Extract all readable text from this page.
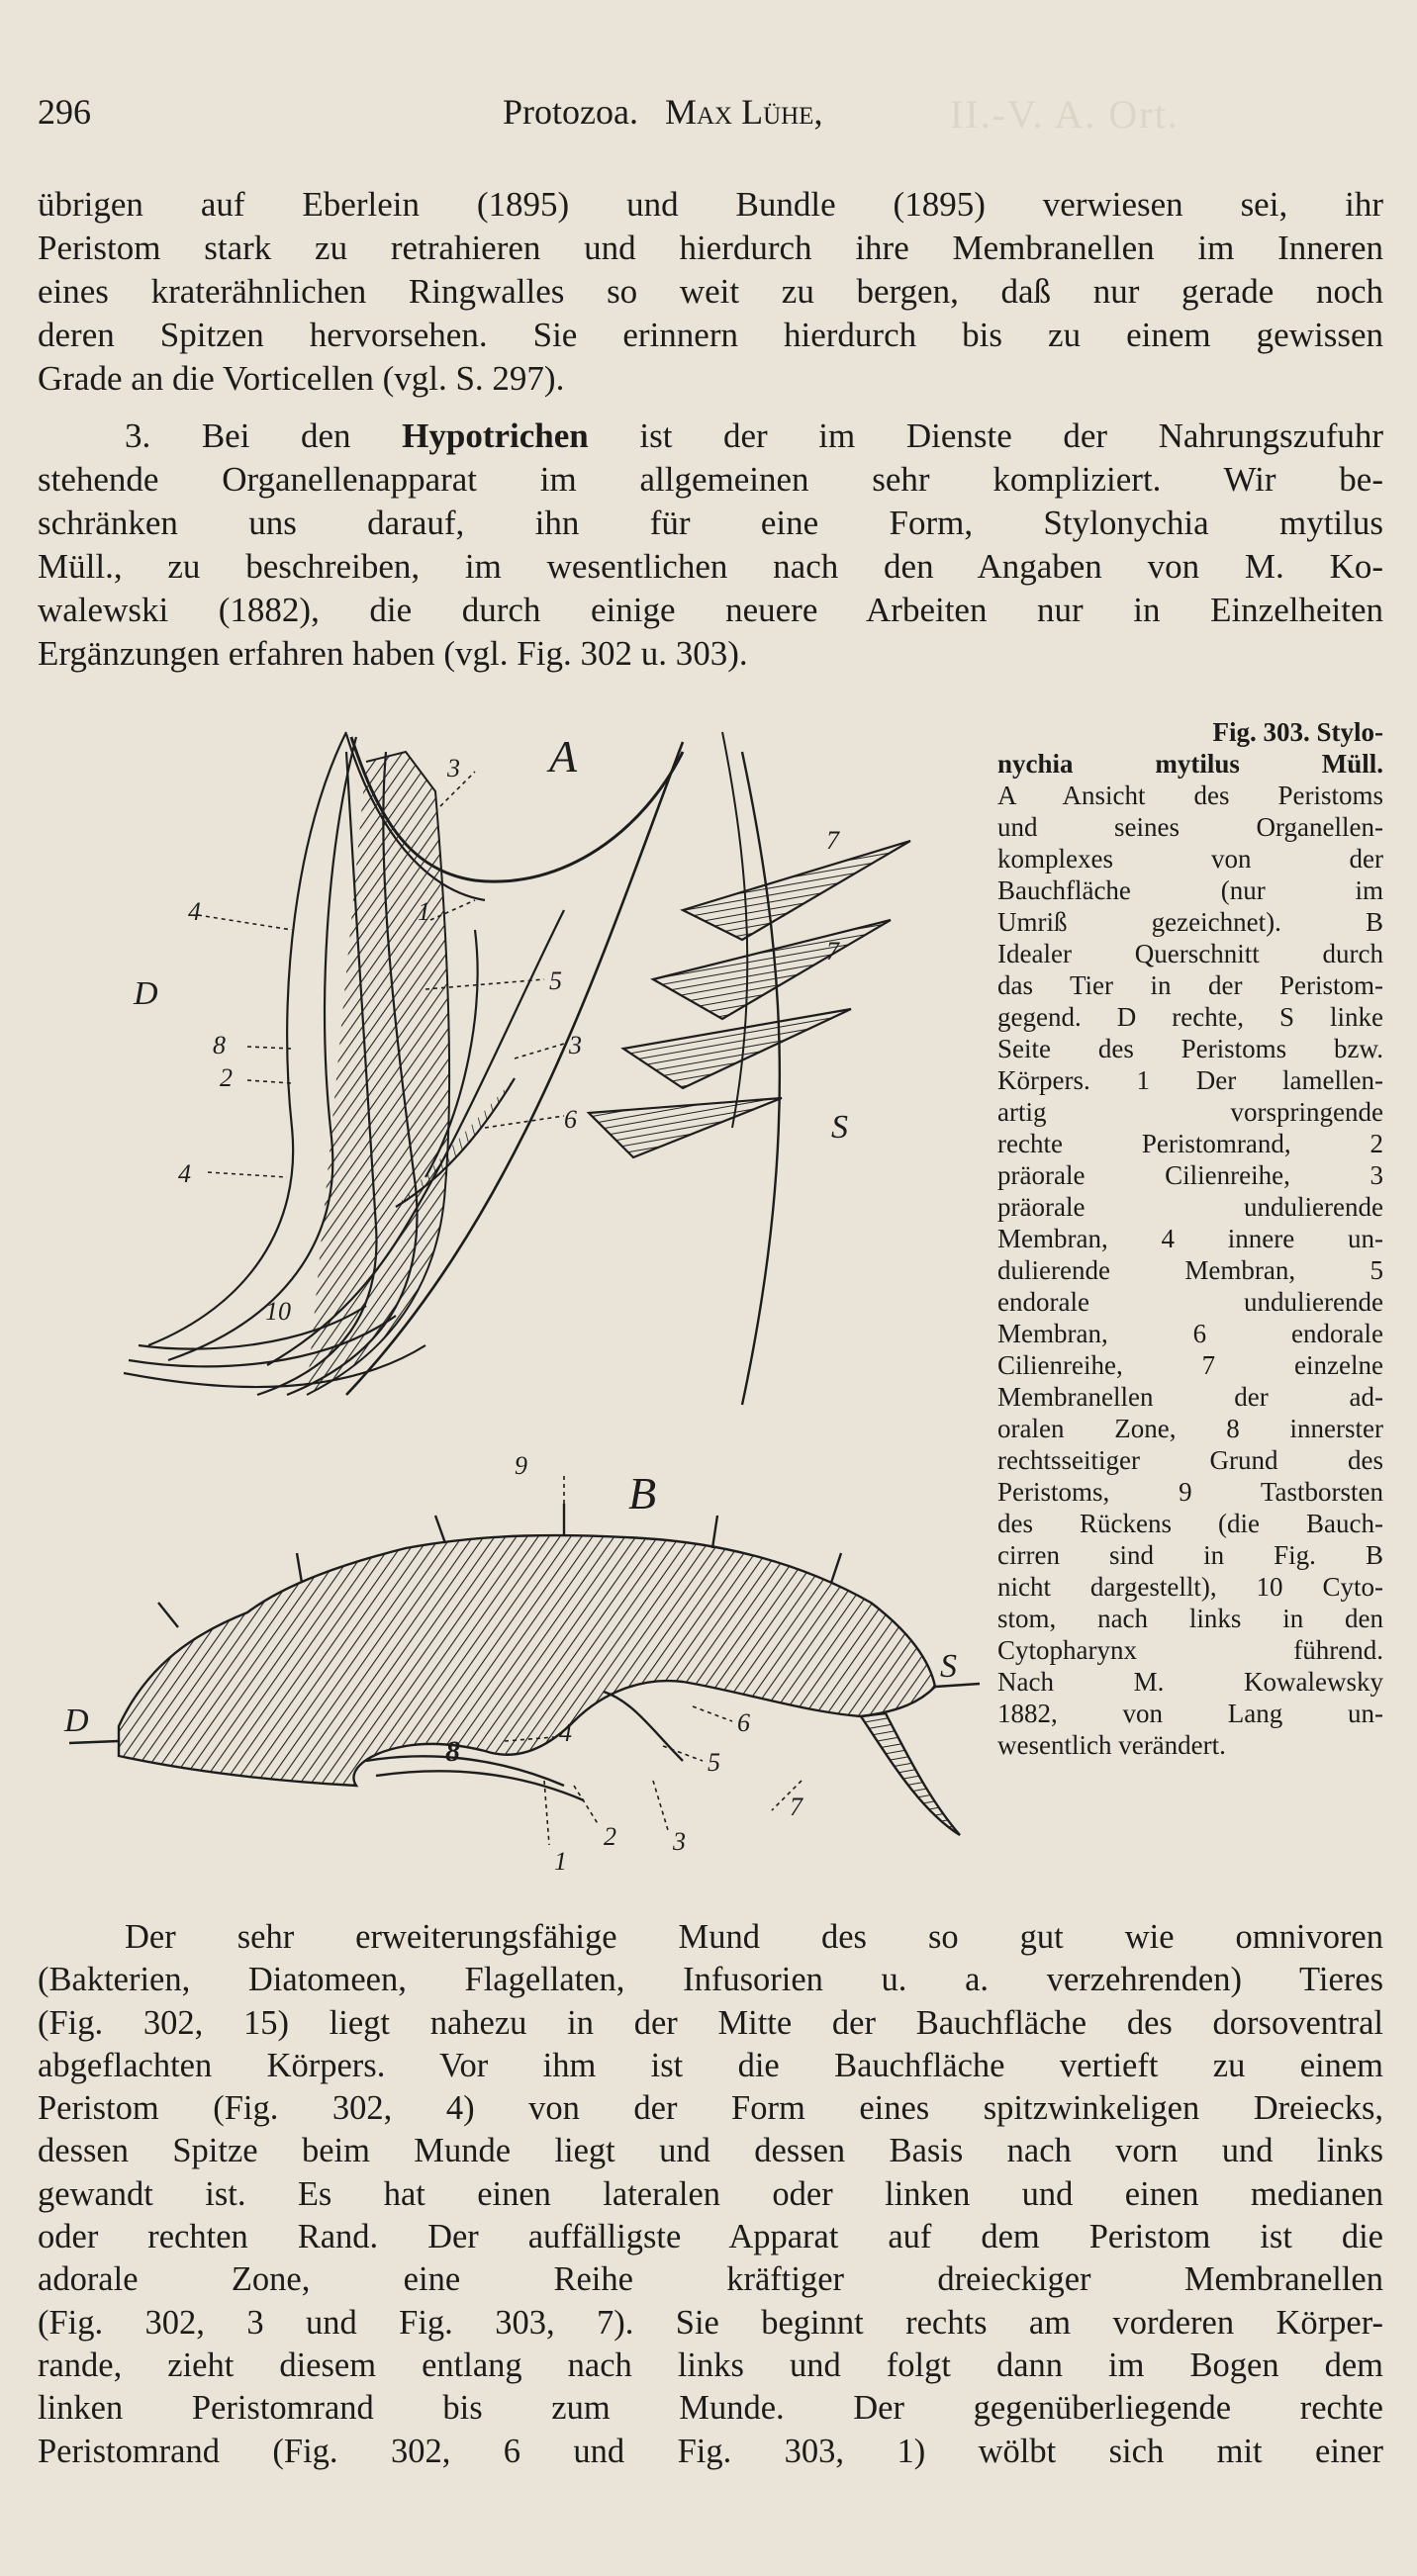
II.-V. A. Ort.
296	Protozoa. Max Lühe,
übrigen auf Eberlein (1895) und Bundle (1895) verwiesen sei, ihr
Peristom stark zu retrahieren und hierdurch ihre Membranellen im Inneren
eines kraterähnlichen Ringwalles so weit zu bergen, daß nur gerade noch
deren Spitzen hervorsehen. Sie erinnern hierdurch bis zu einem gewissen
Grade an die Vorticellen (vgl. S. 297).
3. Bei den Hypotrichen ist der im Dienste der Nahrungszufuhr
stehende Organellenapparat im allgemeinen sehr kompliziert. Wir be-
schränken uns darauf, ihn für eine Form, Stylonychia mytilus
Müll., zu beschreiben, im wesentlichen nach den Angaben von M. Ko-
walewski (1882), die durch einige neuere Arbeiten nur in Einzelheiten
Ergänzungen erfahren haben (vgl. Fig. 302 u. 303).
A
D
S
3
1
4
5
3
8
2
6
4
7
7
10
B
D
S
9
4	6
8	5
7
1
2 3
Fig. 303. Stylo-
nychia mytilus Müll.
A Ansicht des Peristoms
und seines Organellen-
komplexes von der
Bauchfläche (nur im
Umriß gezeichnet). B
Idealer Querschnitt durch
das Tier in der Peristom-
gegend. D rechte, S linke
Seite des Peristoms bzw.
Körpers. 1 Der lamellen-
artig vorspringende
rechte Peristomrand, 2
präorale Cilienreihe, 3
präorale undulierende
Membran, 4 innere un-
dulierende Membran, 5
endorale undulierende
Membran, 6 endorale
Cilienreihe, 7 einzelne
Membranellen der ad-
oralen Zone, 8 innerster
rechtsseitiger Grund des
Peristoms, 9 Tastborsten
des Rückens (die Bauch-
cirren sind in Fig. B
nicht dargestellt), 10 Cyto-
stom, nach links in den
Cytopharynx führend.
Nach M. Kowalewsky
1882, von Lang un-
wesentlich verändert.
Der sehr erweiterungsfähige Mund des so gut wie omnivoren
(Bakterien, Diatomeen, Flagellaten, Infusorien u. a. verzehrenden) Tieres
(Fig. 302, 15) liegt nahezu in der Mitte der Bauchfläche des dorsoventral
abgeflachten Körpers. Vor ihm ist die Bauchfläche vertieft zu einem
Peristom (Fig. 302, 4) von der Form eines spitzwinkeligen Dreiecks,
dessen Spitze beim Munde liegt und dessen Basis nach vorn und links
gewandt ist. Es hat einen lateralen oder linken und einen medianen
oder rechten Rand. Der auffälligste Apparat auf dem Peristom ist die
adorale Zone, eine Reihe kräftiger dreieckiger Membranellen
(Fig. 302, 3 und Fig. 303, 7). Sie beginnt rechts am vorderen Körper-
rande, zieht diesem entlang nach links und folgt dann im Bogen dem
linken Peristomrand bis zum Munde. Der gegenüberliegende rechte
Peristomrand (Fig. 302, 6 und Fig. 303, 1) wölbt sich mit einer
